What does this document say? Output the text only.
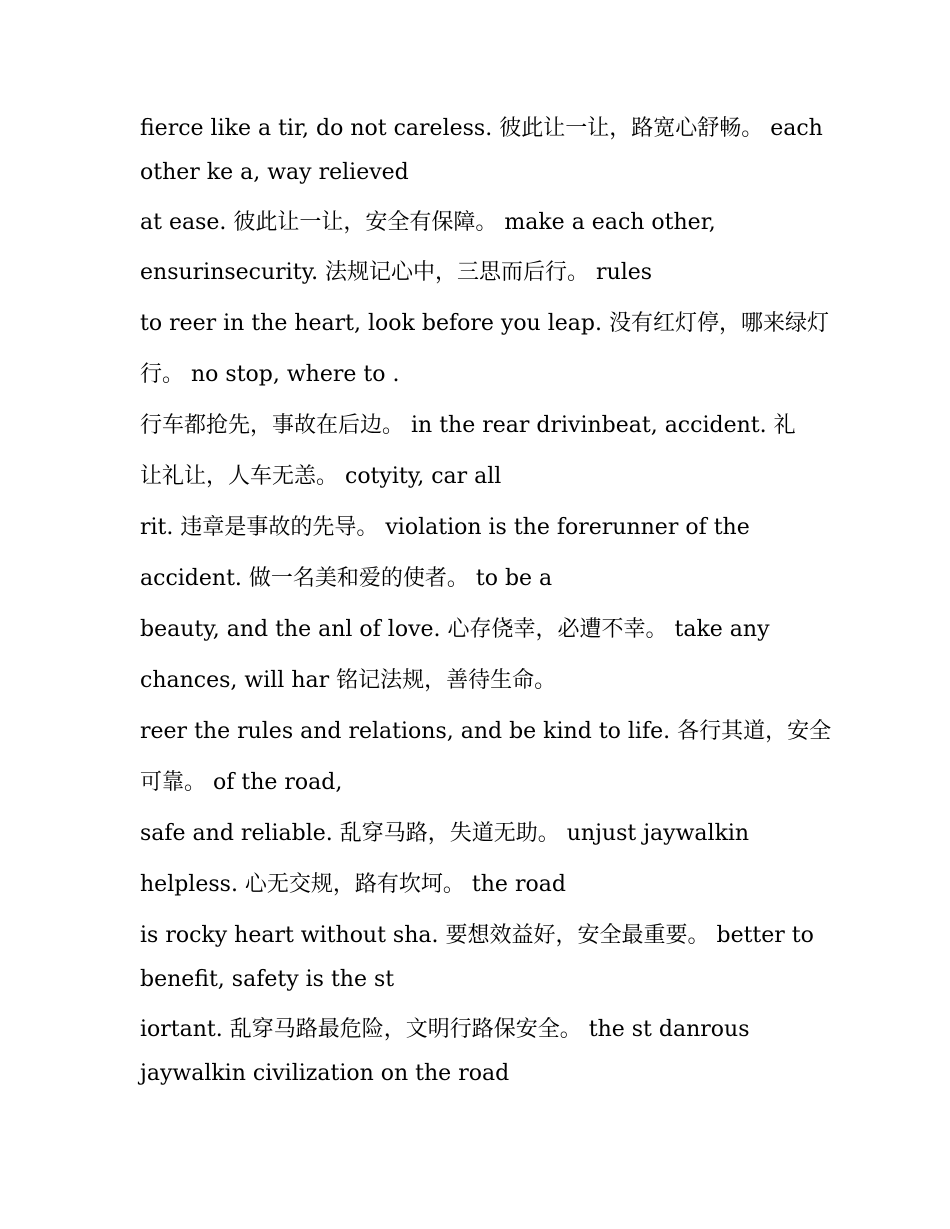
fierce like a tir, do not careless. 彼此让一让，路宽心舒畅。 each
other ke a, way relieved

at ease. 彼此让一让，安全有保障。 make a each other,
ensurinsecurity. 法规记心中，三思而后行。 rules

to reer in the heart, look before you leap. 没有红灯停，哪来绿灯
行。 no stop, where to .

行车都抢先，事故在后边。 in the rear drivinbeat, accident. 礼
让礼让，人车无恙。 cotyity, car all

rit. 违章是事故的先导。 violation is the forerunner of the
accident. 做一名美和爱的使者。 to be a

beauty, and the anl of love. 心存侥幸，必遭不幸。 take any
chances, will har 铭记法规，善待生命。

reer the rules and relations, and be kind to life. 各行其道，安全
可靠。 of the road,

safe and reliable. 乱穿马路，失道无助。 unjust jaywalkin
helpless. 心无交规，路有坎坷。 the road

is rocky heart without sha. 要想效益好，安全最重要。 better to
benefit, safety is the st

iortant. 乱穿马路最危险，文明行路保安全。 the st danrous
jaywalkin civilization on the road
